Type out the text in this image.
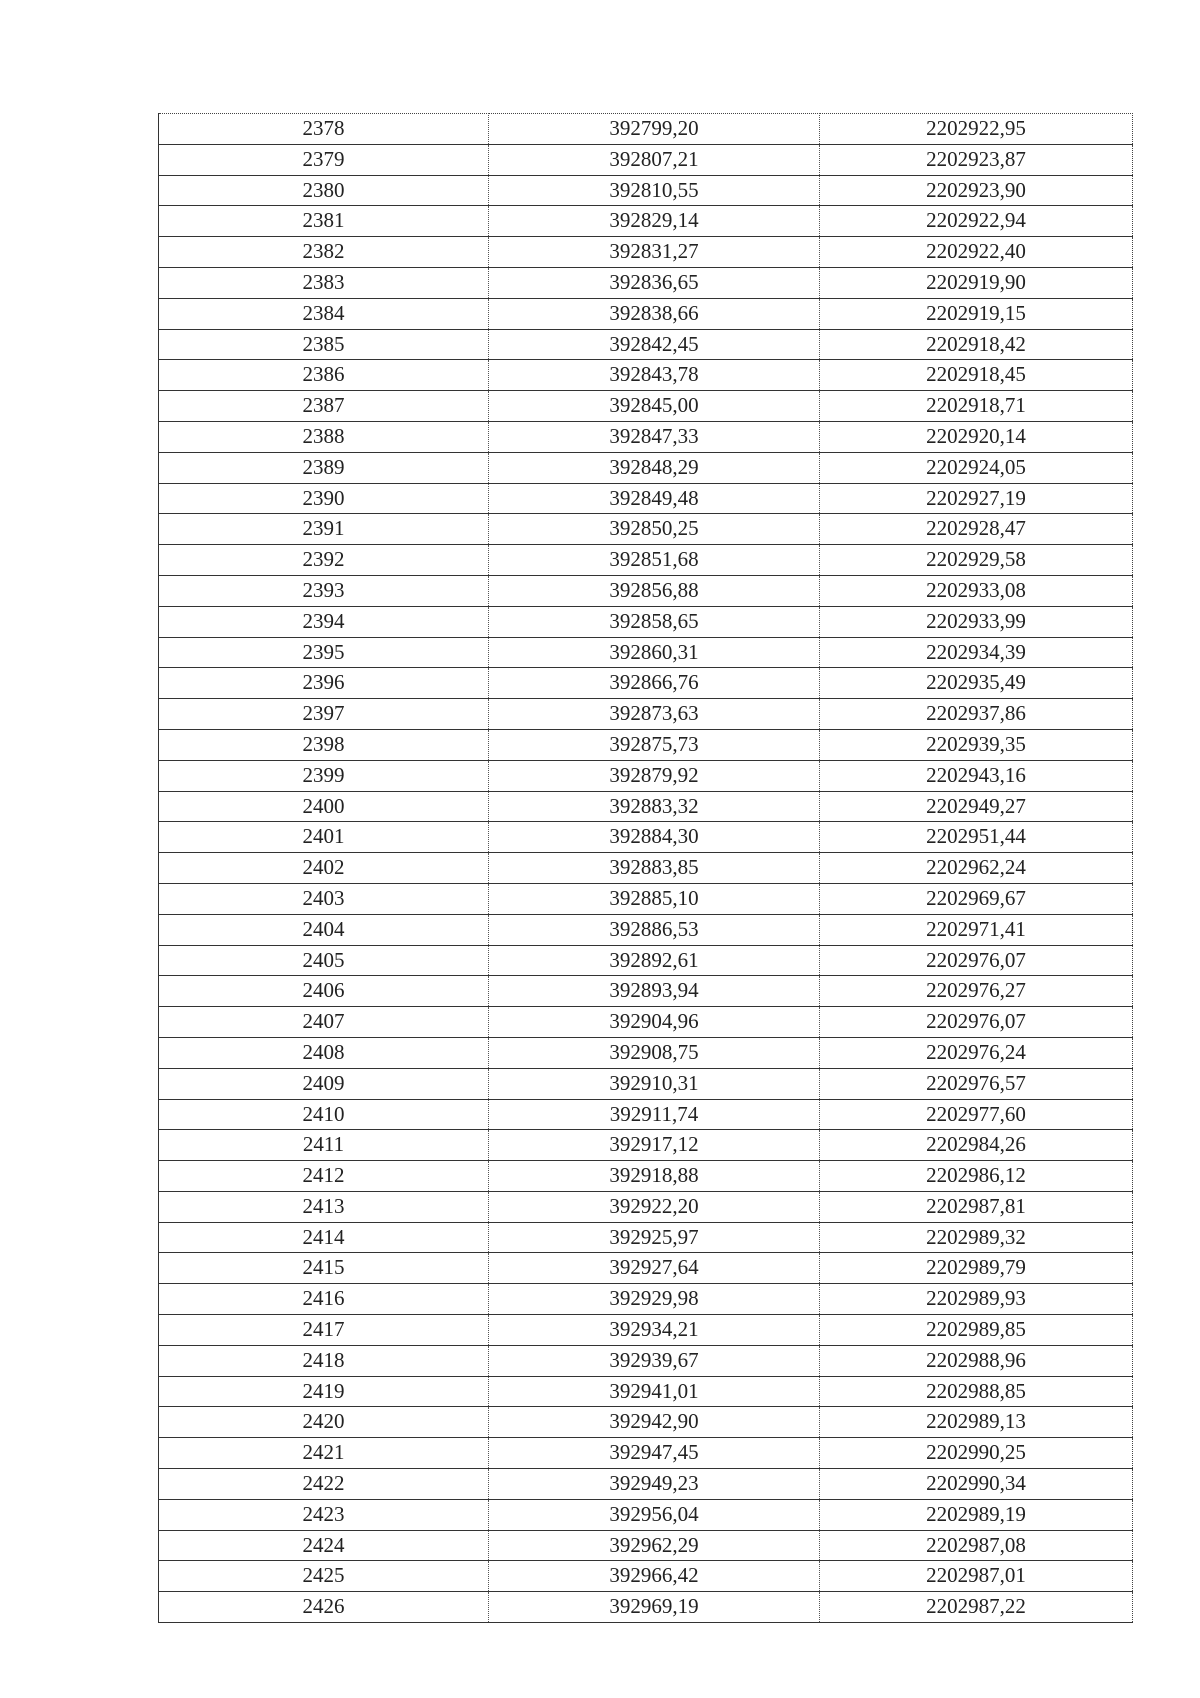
2378	392799,20	2202922,95
2379	392807,21	2202923,87
2380	392810,55	2202923,90
2381	392829,14	2202922,94
2382	392831,27	2202922,40
2383	392836,65	2202919,90
2384	392838,66	2202919,15
2385	392842,45	2202918,42
2386	392843,78	2202918,45
2387	392845,00	2202918,71
2388	392847,33	2202920,14
2389	392848,29	2202924,05
2390	392849,48	2202927,19
2391	392850,25	2202928,47
2392	392851,68	2202929,58
2393	392856,88	2202933,08
2394	392858,65	2202933,99
2395	392860,31	2202934,39
2396	392866,76	2202935,49
2397	392873,63	2202937,86
2398	392875,73	2202939,35
2399	392879,92	2202943,16
2400	392883,32	2202949,27
2401	392884,30	2202951,44
2402	392883,85	2202962,24
2403	392885,10	2202969,67
2404	392886,53	2202971,41
2405	392892,61	2202976,07
2406	392893,94	2202976,27
2407	392904,96	2202976,07
2408	392908,75	2202976,24
2409	392910,31	2202976,57
2410	392911,74	2202977,60
2411	392917,12	2202984,26
2412	392918,88	2202986,12
2413	392922,20	2202987,81
2414	392925,97	2202989,32
2415	392927,64	2202989,79
2416	392929,98	2202989,93
2417	392934,21	2202989,85
2418	392939,67	2202988,96
2419	392941,01	2202988,85
2420	392942,90	2202989,13
2421	392947,45	2202990,25
2422	392949,23	2202990,34
2423	392956,04	2202989,19
2424	392962,29	2202987,08
2425	392966,42	2202987,01
2426	392969,19	2202987,22
